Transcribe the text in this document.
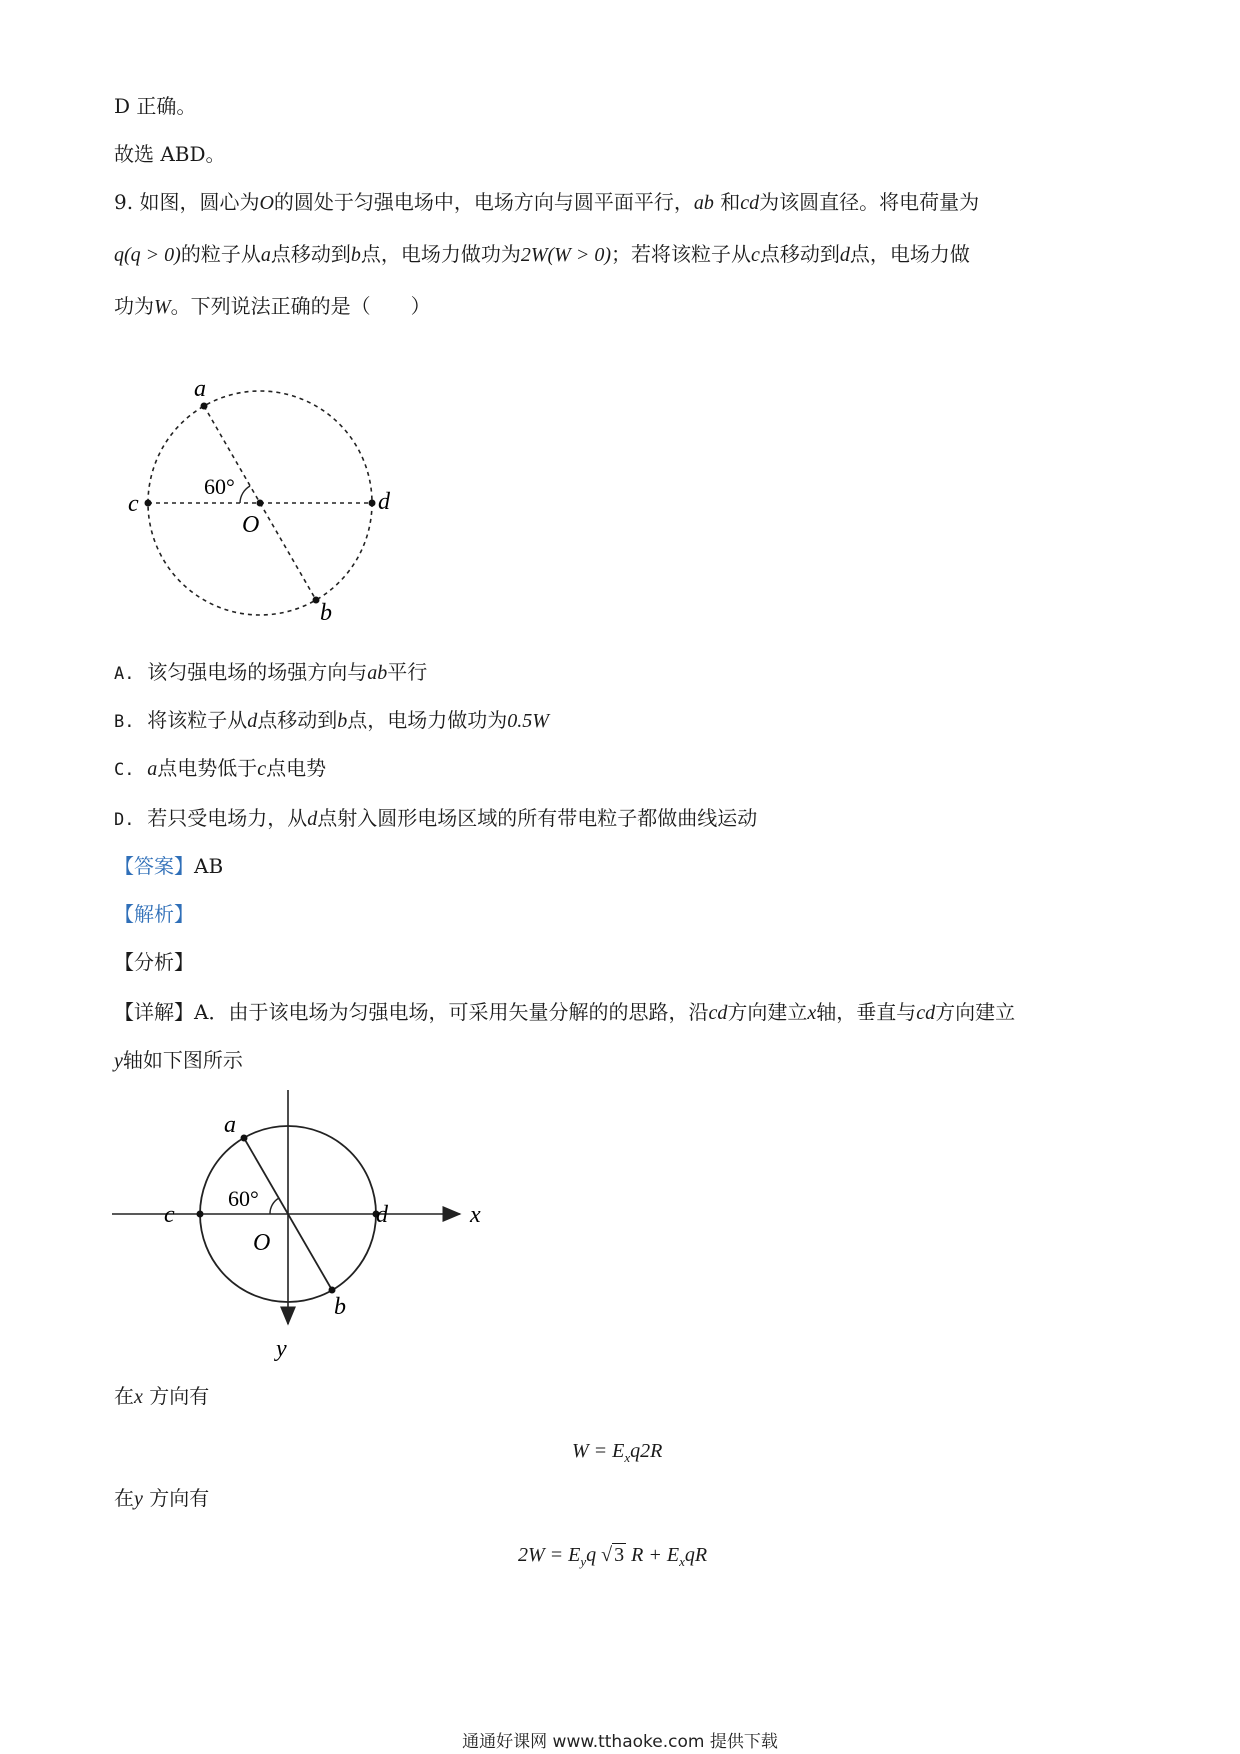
D 正确。
故选 ABD。
9. 如图，圆心为O的圆处于匀强电场中，电场方向与圆平面平行，ab 和cd为该圆直径。将电荷量为
q(q > 0)的粒子从a点移动到b点，电场力做功为2W(W > 0)；若将该粒子从c点移动到d点，电场力做
功为W。下列说法正确的是（　　）
a
b
c	d
O
60°
A. 该匀强电场的场强方向与ab平行
B. 将该粒子从d点移动到b点，电场力做功为0.5W
C. a点电势低于c点电势
D. 若只受电场力，从d点射入圆形电场区域的所有带电粒子都做曲线运动
【答案】AB
【解析】
【分析】
【详解】A．由于该电场为匀强电场，可采用矢量分解的的思路，沿cd方向建立x轴，垂直与cd方向建立
y轴如下图所示
a
b
c	d
O
60°
x
y
在x 方向有
$W = E_xq2R$
在y 方向有
$2W = E_yq$ √ 3 $R + E_xqR$
通通好课网 www.tthaoke.com 提供下载
